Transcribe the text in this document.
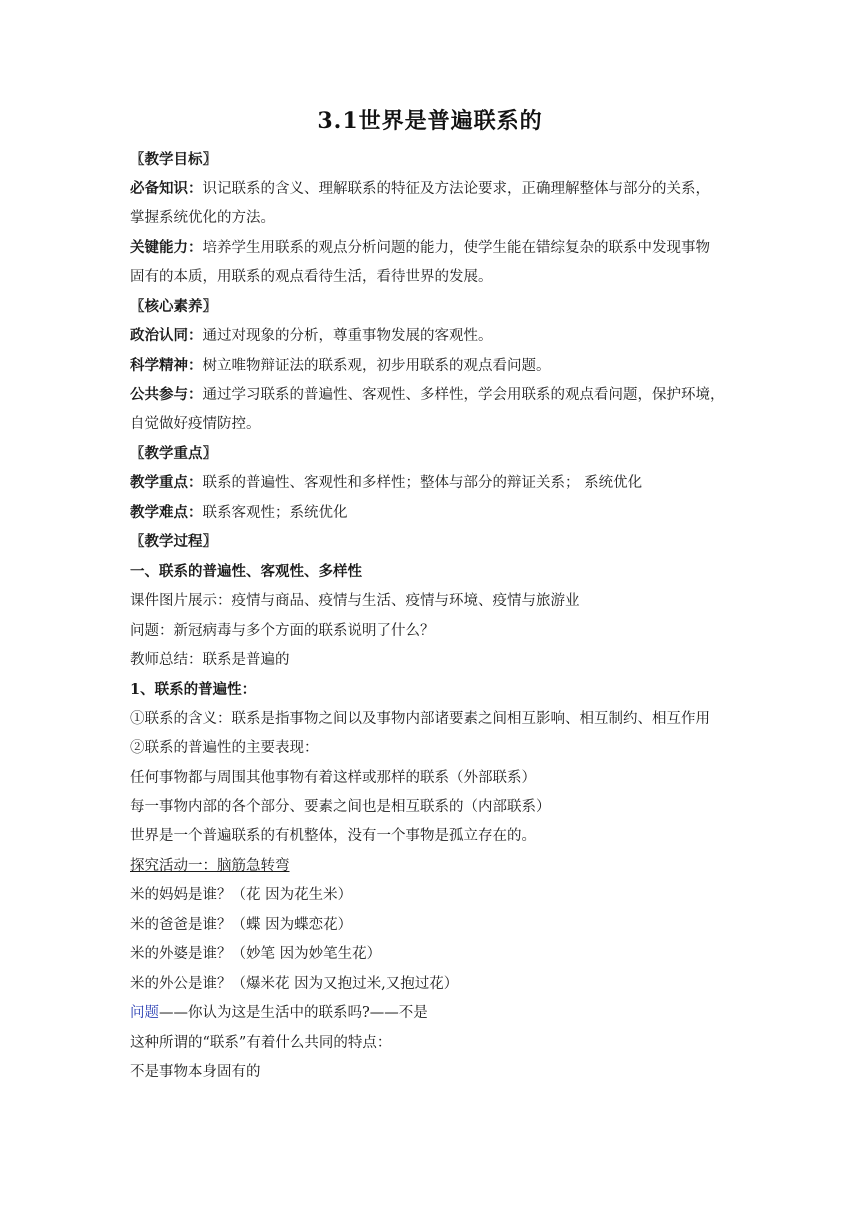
3.1世界是普遍联系的
〖教学目标〗
必备知识：识记联系的含义、理解联系的特征及方法论要求，正确理解整体与部分的关系，
掌握系统优化的方法。
关键能力：培养学生用联系的观点分析问题的能力，使学生能在错综复杂的联系中发现事物
固有的本质，用联系的观点看待生活，看待世界的发展。
〖核心素养〗
政治认同：通过对现象的分析，尊重事物发展的客观性。
科学精神：树立唯物辩证法的联系观，初步用联系的观点看问题。
公共参与：通过学习联系的普遍性、客观性、多样性，学会用联系的观点看问题，保护环境，
自觉做好疫情防控。
〖教学重点〗
教学重点：联系的普遍性、客观性和多样性；整体与部分的辩证关系； 系统优化
教学难点：联系客观性；系统优化
〖教学过程〗
一、联系的普遍性、客观性、多样性
课件图片展示：疫情与商品、疫情与生活、疫情与环境、疫情与旅游业
问题：新冠病毒与多个方面的联系说明了什么？
教师总结：联系是普遍的
1、联系的普遍性：
①联系的含义：联系是指事物之间以及事物内部诸要素之间相互影响、相互制约、相互作用
②联系的普遍性的主要表现：
任何事物都与周围其他事物有着这样或那样的联系（外部联系）
每一事物内部的各个部分、要素之间也是相互联系的（内部联系）
世界是一个普遍联系的有机整体，没有一个事物是孤立存在的。
探究活动一：脑筋急转弯
米的妈妈是谁？（花 因为花生米）
米的爸爸是谁？（蝶 因为蝶恋花）
米的外婆是谁？（妙笔 因为妙笔生花）
米的外公是谁？（爆米花 因为又抱过米,又抱过花）
问题——你认为这是生活中的联系吗?——不是
这种所谓的“联系”有着什么共同的特点：
不是事物本身固有的
